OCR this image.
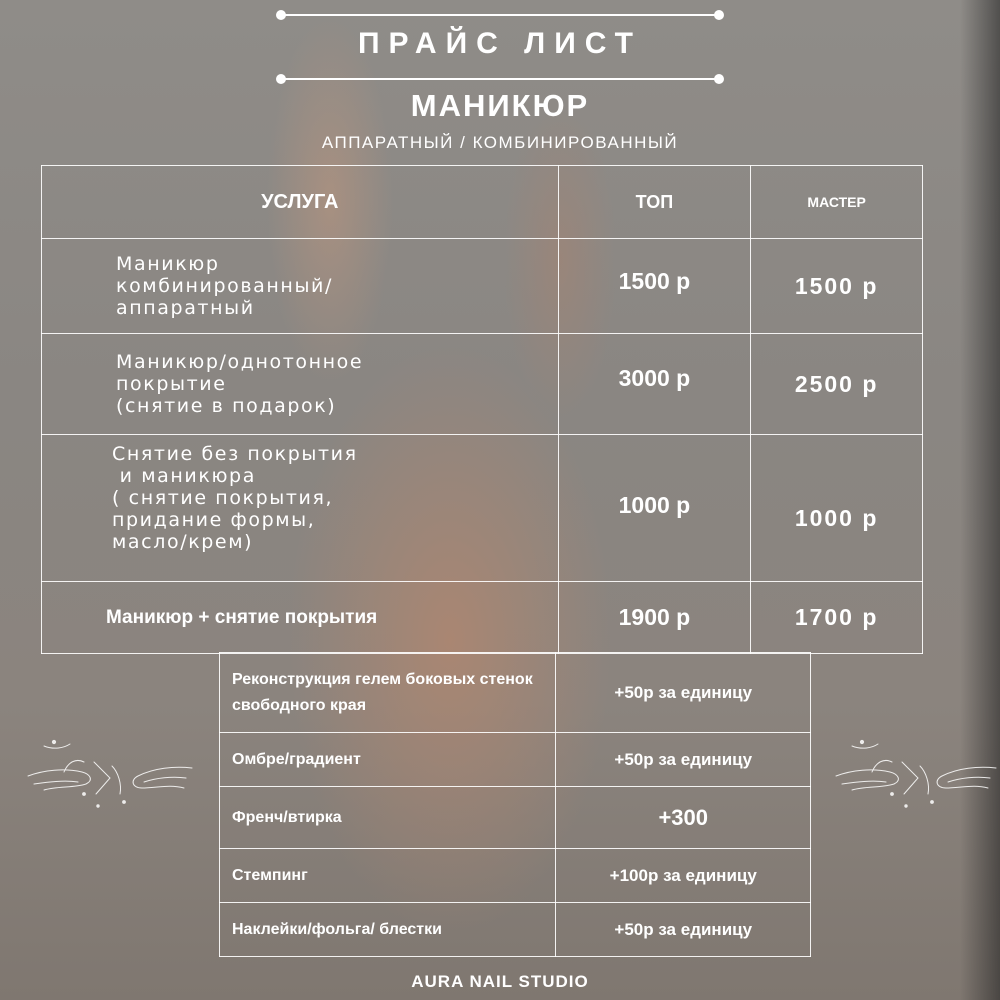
ПРАЙС ЛИСТ
МАНИКЮР
АППАРАТНЫЙ / КОМБИНИРОВАННЫЙ
УСЛУГА	ТОП	МАСТЕР
Маникюр
комбинированный/
аппаратный	1500 р	1500 р
Маникюр/однотонное
покрытие
(снятие в подарок)	3000 р	2500 р
Снятие без покрытия
и маникюра
( снятие покрытия,
придание формы,
масло/крем)	1000 р	1000 р
Маникюр + снятие покрытия	1900 р	1700 р
Реконструкция гелем боковых стенок свободного края	+50р за единицу
Омбре/градиент	+50р за единицу
Френч/втирка	+300
Стемпинг	+100р за единицу
Наклейки/фольга/ блестки	+50р за единицу
AURA NAIL STUDIO
